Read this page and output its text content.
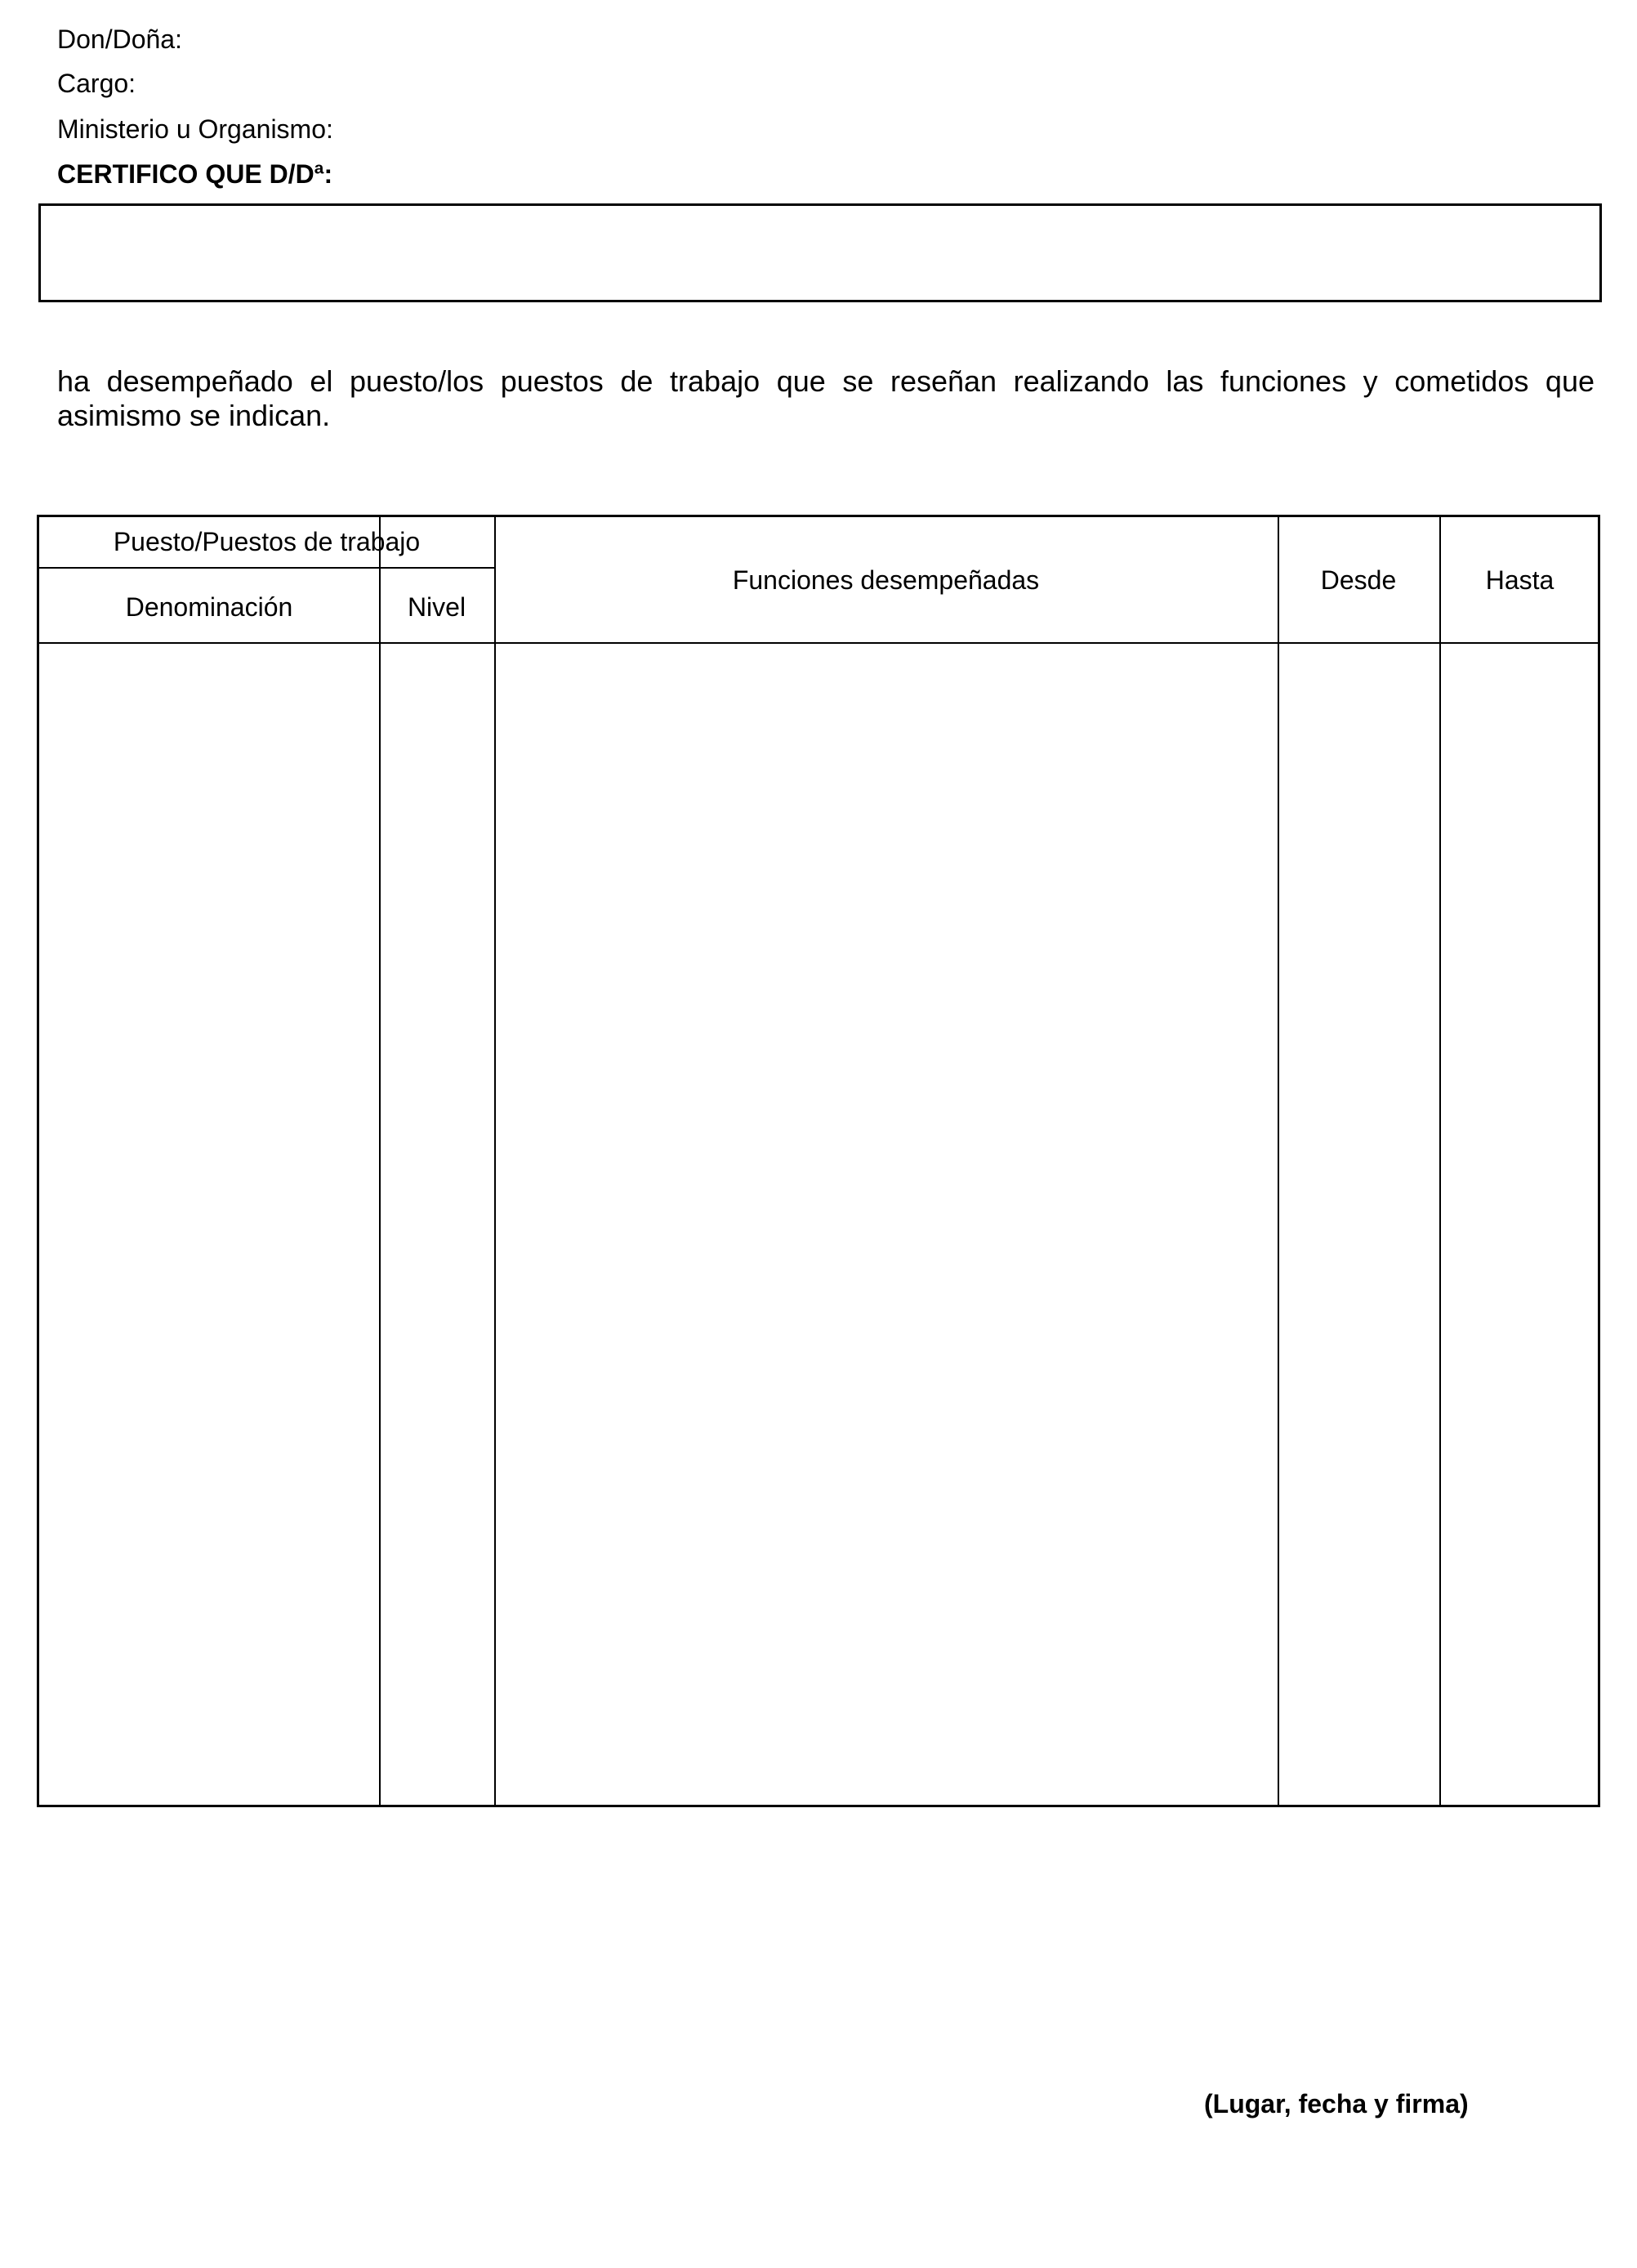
Don/Doña:
Cargo:
Ministerio u Organismo:
CERTIFICO QUE D/Dª:
ha desempeñado el puesto/los puestos de trabajo que se reseñan realizando las funciones y cometidos que asimismo se indican.
Puesto/Puestos de trabajo
Denominación	Nivel
Funciones desempeñadas	Desde	Hasta
(Lugar, fecha y firma)
